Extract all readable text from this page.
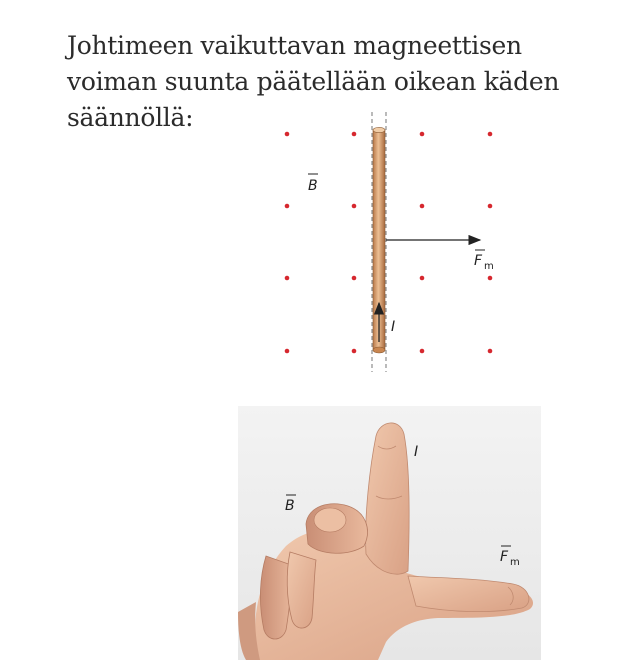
Johtimeen vaikuttavan magneettisen
voiman suunta päätellään oikean käden
säännöllä:
B
F m
I
I
B
F m
